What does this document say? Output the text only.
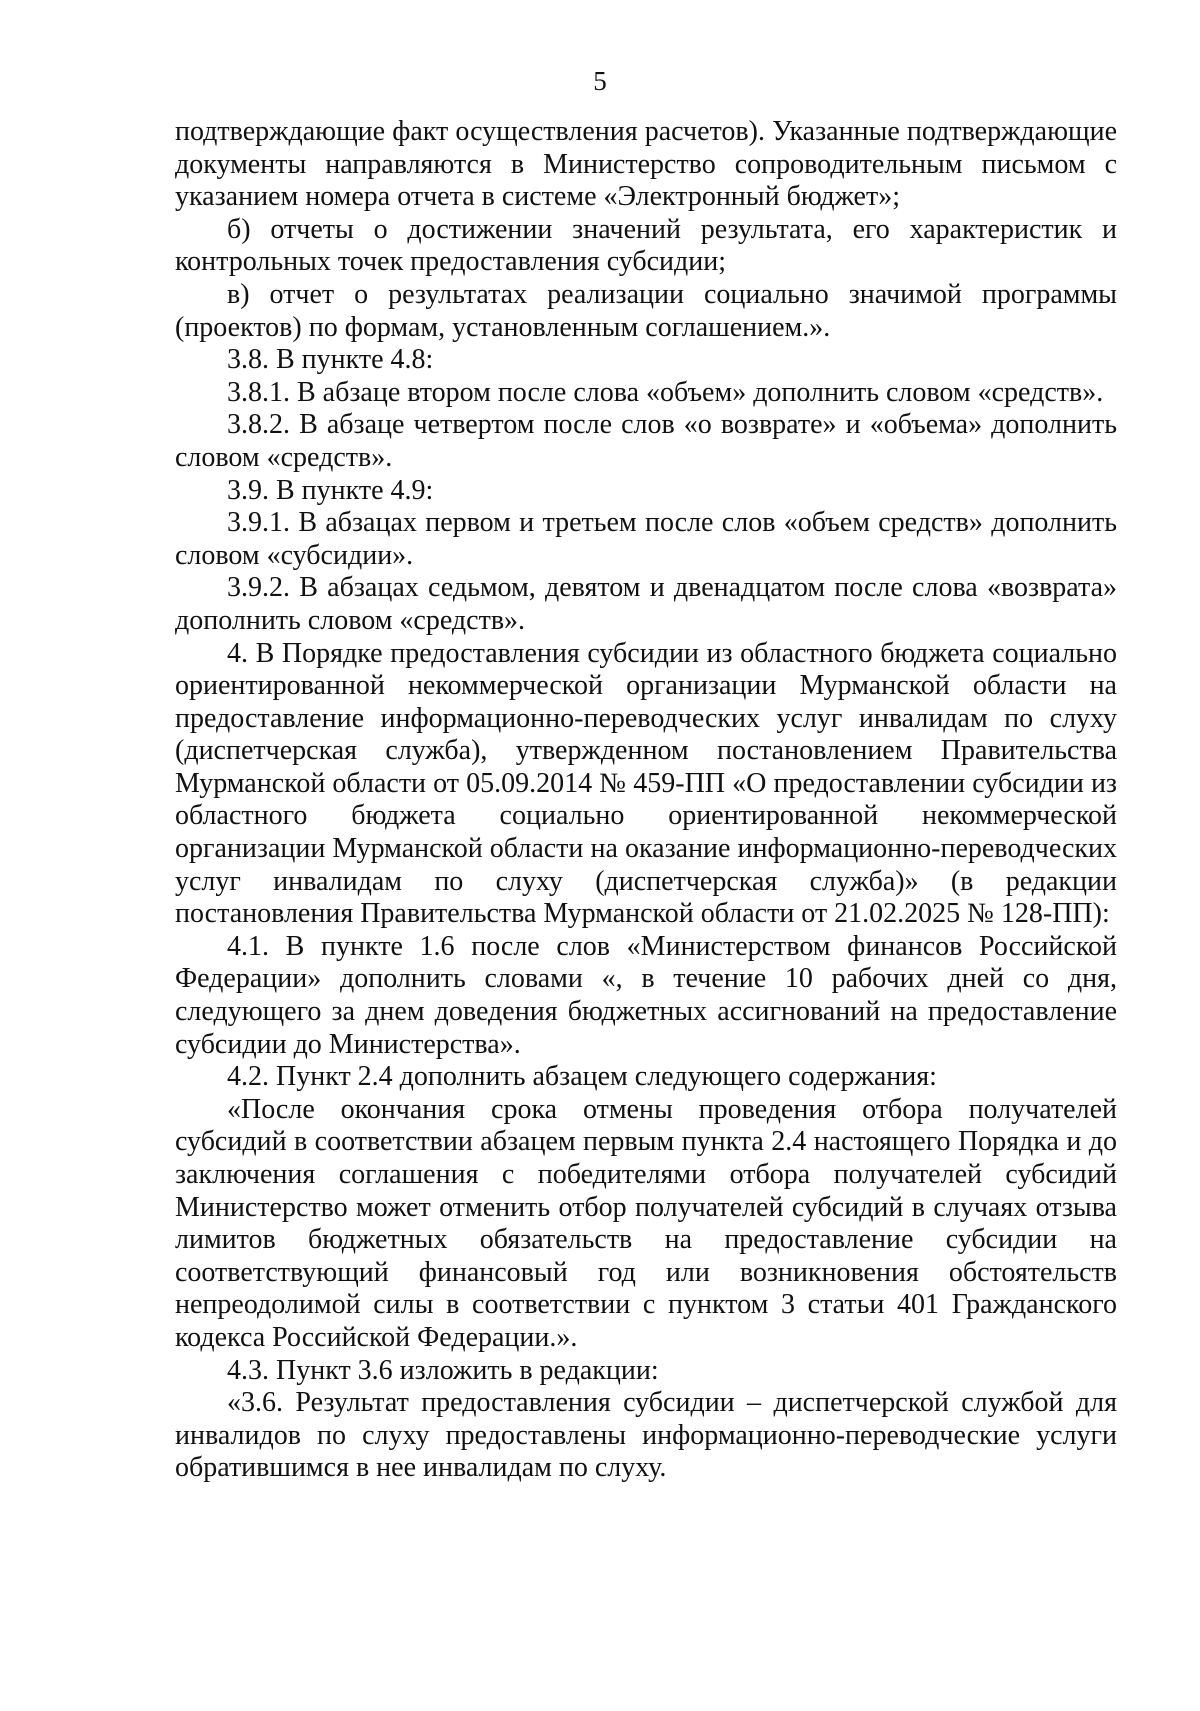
5

подтверждающие факт осуществления расчетов). Указанные подтверждающие документы направляются в Министерство сопроводительным письмом с указанием номера отчета в системе «Электронный бюджет»;

б) отчеты о достижении значений результата, его характеристик и контрольных точек предоставления субсидии;

в) отчет о результатах реализации социально значимой программы (проектов) по формам, установленным соглашением.».

3.8. В пункте 4.8:

3.8.1. В абзаце втором после слова «объем» дополнить словом «средств».

3.8.2. В абзаце четвертом после слов «о возврате» и «объема» дополнить словом «средств».

3.9. В пункте 4.9:

3.9.1. В абзацах первом и третьем после слов «объем средств» дополнить словом «субсидии».

3.9.2. В абзацах седьмом, девятом и двенадцатом после слова «возврата» дополнить словом «средств».

4. В Порядке предоставления субсидии из областного бюджета социально ориентированной некоммерческой организации Мурманской области на предоставление информационно-переводческих услуг инвалидам по слуху (диспетчерская служба), утвержденном постановлением Правительства Мурманской области от 05.09.2014 № 459-ПП «О предоставлении субсидии из областного бюджета социально ориентированной некоммерческой организации Мурманской области на оказание информационно-переводческих услуг инвалидам по слуху (диспетчерская служба)» (в редакции постановления Правительства Мурманской области от 21.02.2025 № 128-ПП):

4.1. В пункте 1.6 после слов «Министерством финансов Российской Федерации» дополнить словами «, в течение 10 рабочих дней со дня, следующего за днем доведения бюджетных ассигнований на предоставление субсидии до Министерства».

4.2. Пункт 2.4 дополнить абзацем следующего содержания:

«После окончания срока отмены проведения отбора получателей субсидий в соответствии абзацем первым пункта 2.4 настоящего Порядка и до заключения соглашения с победителями отбора получателей субсидий Министерство может отменить отбор получателей субсидий в случаях отзыва лимитов бюджетных обязательств на предоставление субсидии на соответствующий финансовый год или возникновения обстоятельств непреодолимой силы в соответствии с пунктом 3 статьи 401 Гражданского кодекса Российской Федерации.».

4.3. Пункт 3.6 изложить в редакции:

«3.6. Результат предоставления субсидии – диспетчерской службой для инвалидов по слуху предоставлены информационно-переводческие услуги обратившимся в нее инвалидам по слуху.
